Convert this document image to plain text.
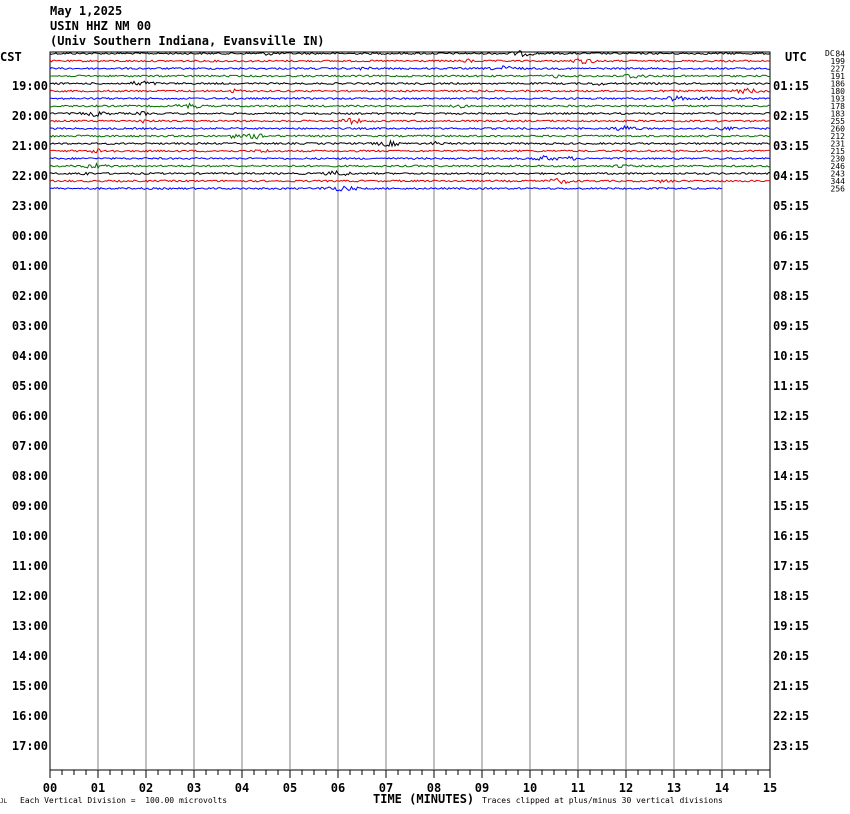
May 1,2025
USIN HHZ NM 00
(Univ Southern Indiana, Evansville IN)
CST	UTC DC
00	01	02	03	04	05	06	07	08	09	10	11	12	13	14	15
19:00
20:00
21:00
22:00
23:00
00:00
01:00
02:00
03:00
04:00
05:00
06:00
07:00
08:00
09:00
10:00
11:00
12:00
13:00
14:00
15:00
16:00
17:00
01:15
02:15
03:15
04:15
05:15
06:15
07:15
08:15
09:15
10:15
11:15
12:15
13:15
14:15
15:15
16:15
17:15
18:15
19:15
20:15
21:15
22:15
23:15
84
199
227
191
186
180
193
178
183
255
260
212
231
215
230
246
243
344
256
JL Each Vertical Division =  100.00 microvolts	TIME (MINUTES) Traces clipped at plus/minus 30 vertical divisions
